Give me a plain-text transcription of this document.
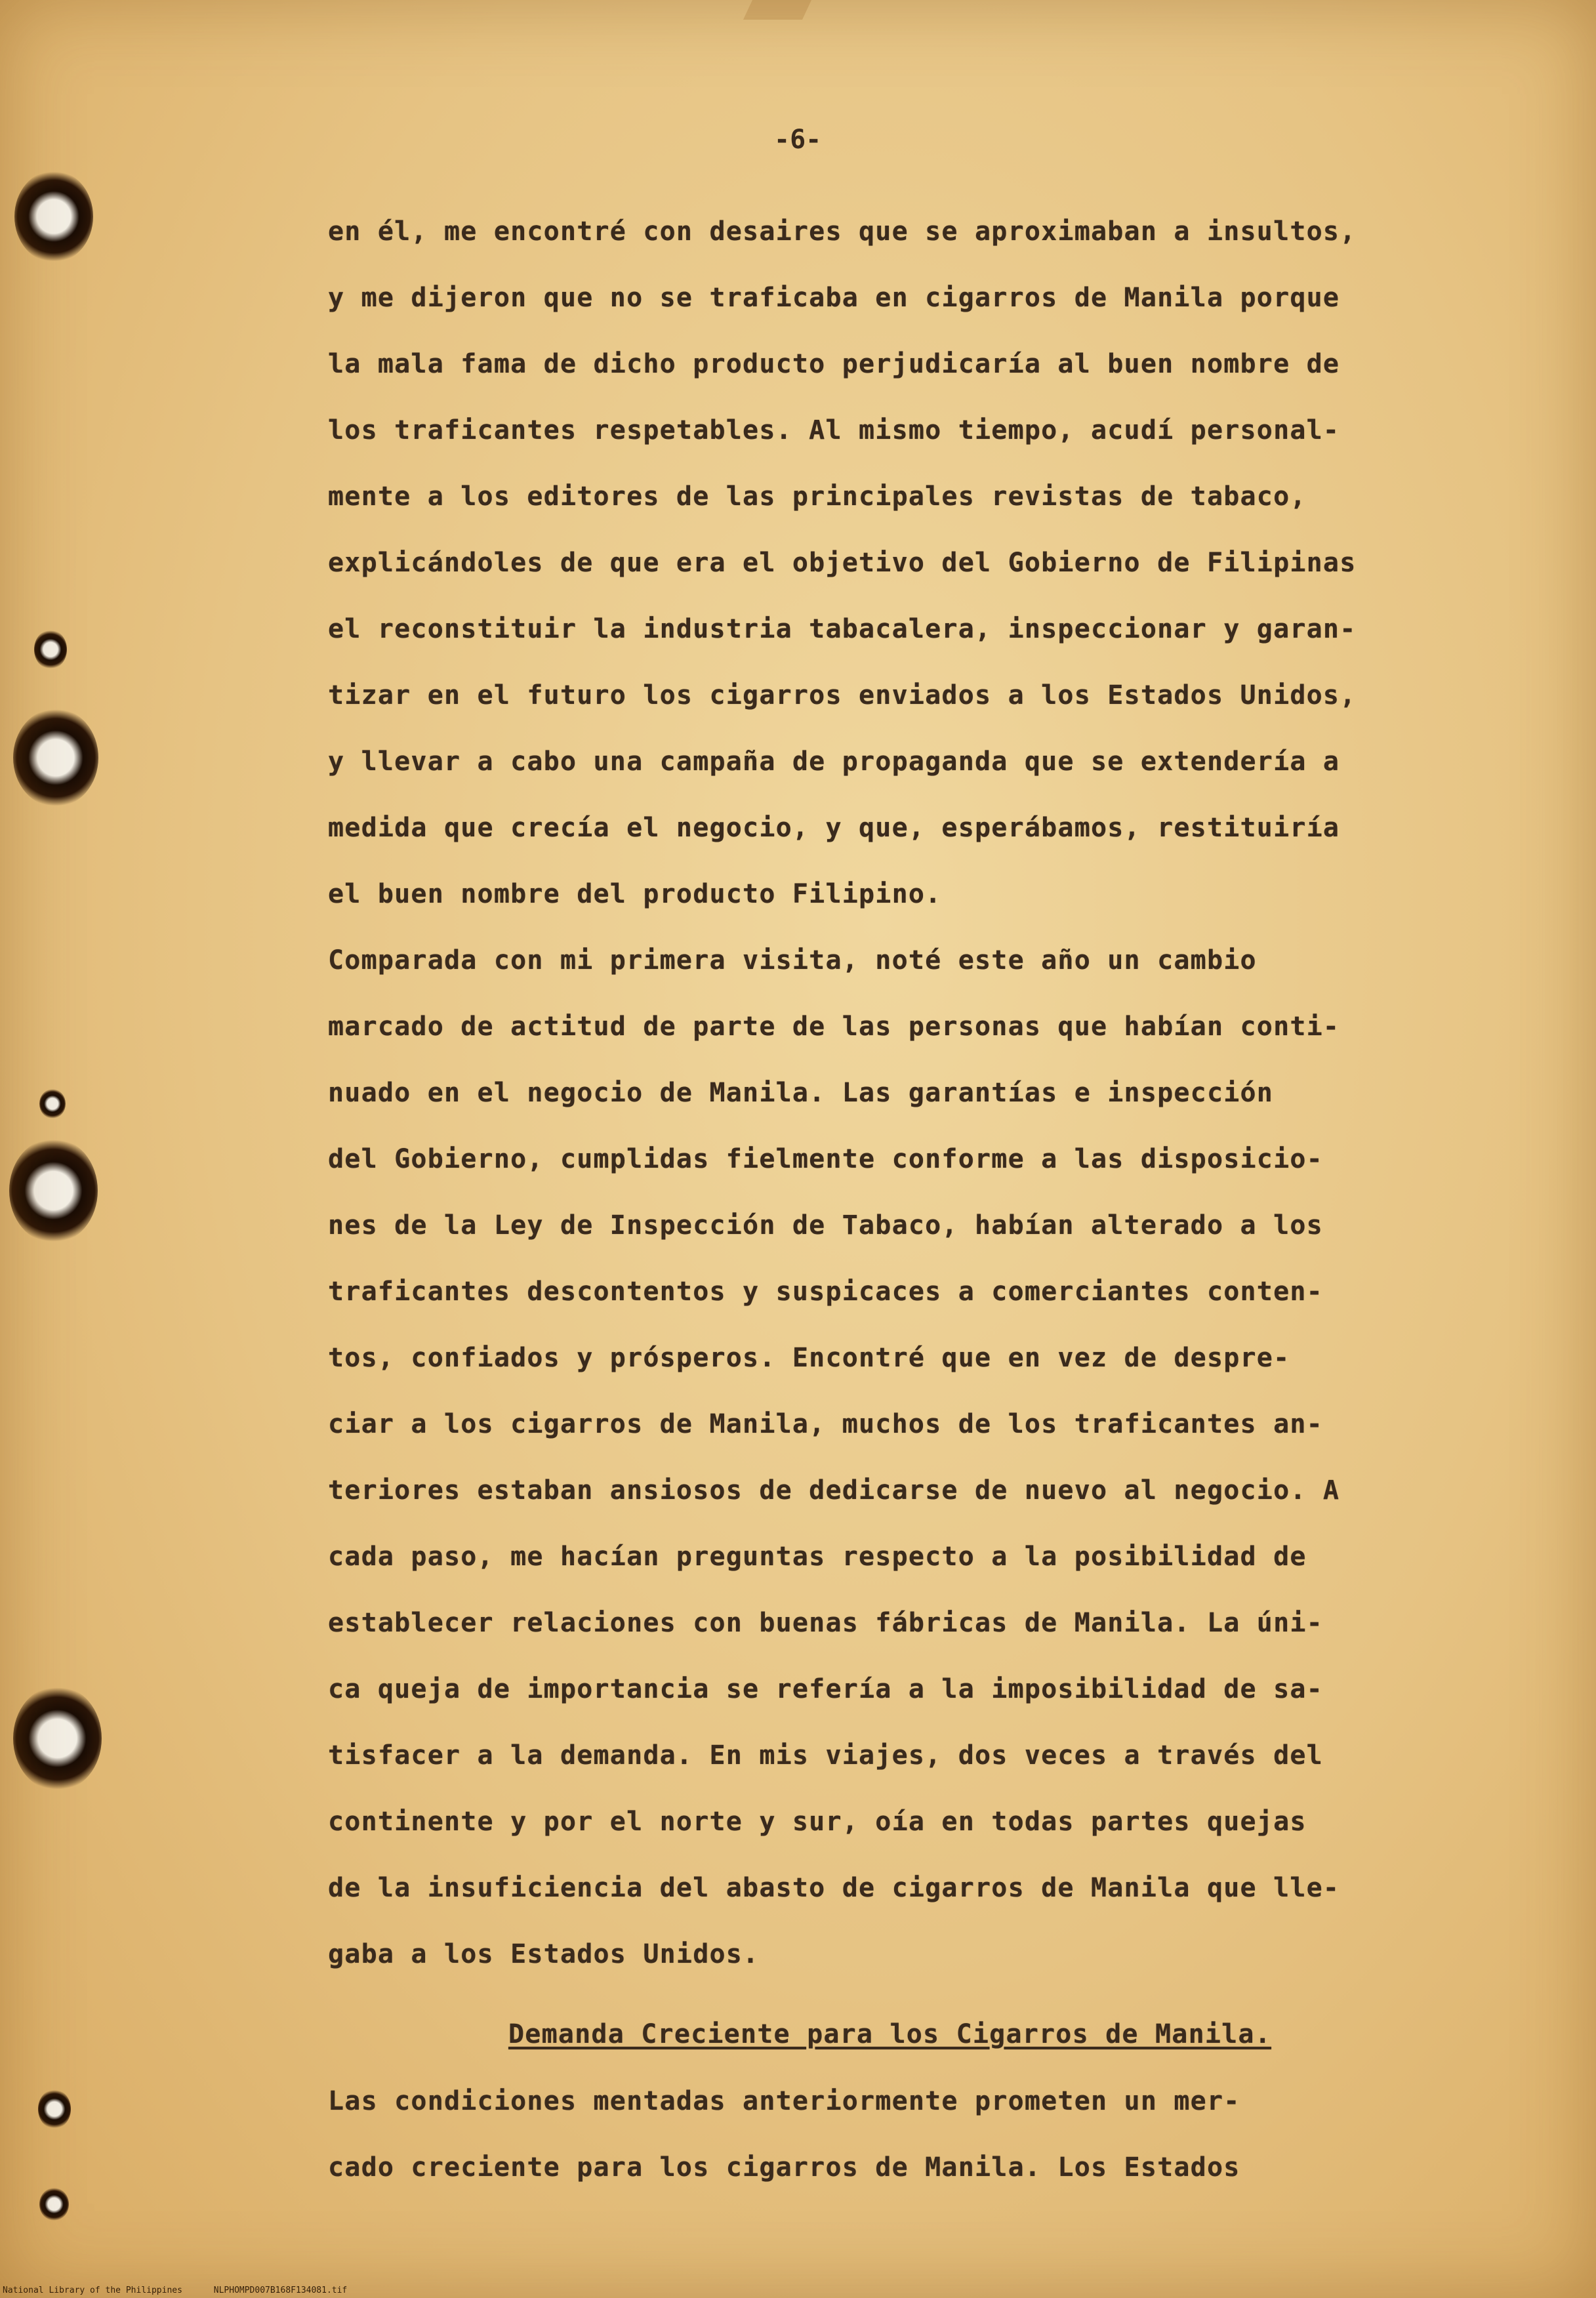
-6-
en él, me encontré con desaires que se aproximaban a insultos,
y me dijeron que no se traficaba en cigarros de Manila porque
la mala fama de dicho producto perjudicaría al buen nombre de
los traficantes respetables. Al mismo tiempo, acudí personal-
mente a los editores de las principales revistas de tabaco,
explicándoles de que era el objetivo del Gobierno de Filipinas
el reconstituir la industria tabacalera, inspeccionar y garan-
tizar en el futuro los cigarros enviados a los Estados Unidos,
y llevar a cabo una campaña de propaganda que se extendería a
medida que crecía el negocio, y que, esperábamos, restituiría
el buen nombre del producto Filipino.
Comparada con mi primera visita, noté este año un cambio
marcado de actitud de parte de las personas que habían conti-
nuado en el negocio de Manila. Las garantías e inspección
del Gobierno, cumplidas fielmente conforme a las disposicio-
nes de la Ley de Inspección de Tabaco, habían alterado a los
traficantes descontentos y suspicaces a comerciantes conten-
tos, confiados y prósperos. Encontré que en vez de despre-
ciar a los cigarros de Manila, muchos de los traficantes an-
teriores estaban ansiosos de dedicarse de nuevo al negocio. A
cada paso, me hacían preguntas respecto a la posibilidad de
establecer relaciones con buenas fábricas de Manila. La úni-
ca queja de importancia se refería a la imposibilidad de sa-
tisfacer a la demanda. En mis viajes, dos veces a través del
continente y por el norte y sur, oía en todas partes quejas
de la insuficiencia del abasto de cigarros de Manila que lle-
gaba a los Estados Unidos.
Demanda Creciente para los Cigarros de Manila.
Las condiciones mentadas anteriormente prometen un mer-
cado creciente para los cigarros de Manila. Los Estados
National Library of the Philippines	NLPHOMPD007B168F134081.tif
